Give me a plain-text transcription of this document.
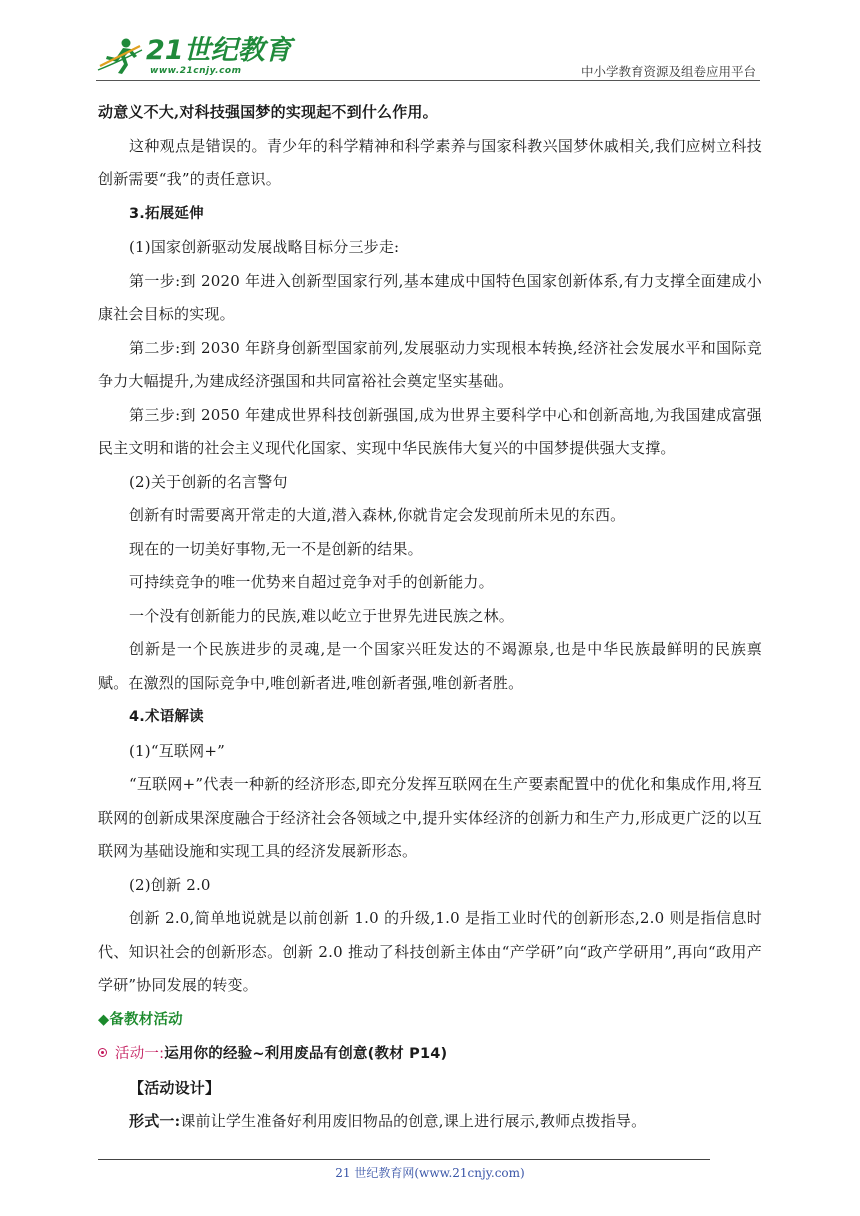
21世纪教育
www.21cnjy.com	中小学教育资源及组卷应用平台

动意义不大,对科技强国梦的实现起不到什么作用。

这种观点是错误的。青少年的科学精神和科学素养与国家科教兴国梦休戚相关,我们应树立科技创新需要“我”的责任意识。

3.拓展延伸

(1)国家创新驱动发展战略目标分三步走:

第一步:到 2020 年进入创新型国家行列,基本建成中国特色国家创新体系,有力支撑全面建成小康社会目标的实现。

第二步:到 2030 年跻身创新型国家前列,发展驱动力实现根本转换,经济社会发展水平和国际竞争力大幅提升,为建成经济强国和共同富裕社会奠定坚实基础。

第三步:到 2050 年建成世界科技创新强国,成为世界主要科学中心和创新高地,为我国建成富强民主文明和谐的社会主义现代化国家、实现中华民族伟大复兴的中国梦提供强大支撑。

(2)关于创新的名言警句

创新有时需要离开常走的大道,潜入森林,你就肯定会发现前所未见的东西。

现在的一切美好事物,无一不是创新的结果。

可持续竞争的唯一优势来自超过竞争对手的创新能力。

一个没有创新能力的民族,难以屹立于世界先进民族之林。

创新是一个民族进步的灵魂,是一个国家兴旺发达的不竭源泉,也是中华民族最鲜明的民族禀赋。在激烈的国际竞争中,唯创新者进,唯创新者强,唯创新者胜。

4.术语解读

(1)“互联网+”

“互联网+”代表一种新的经济形态,即充分发挥互联网在生产要素配置中的优化和集成作用,将互联网的创新成果深度融合于经济社会各领域之中,提升实体经济的创新力和生产力,形成更广泛的以互联网为基础设施和实现工具的经济发展新形态。

(2)创新 2.0

创新 2.0,简单地说就是以前创新 1.0 的升级,1.0 是指工业时代的创新形态,2.0 则是指信息时代、知识社会的创新形态。创新 2.0 推动了科技创新主体由“产学研”向“政产学研用”,再向“政用产学研”协同发展的转变。

◆备教材活动

活动一:运用你的经验~利用废品有创意(教材 P14)

【活动设计】

形式一:课前让学生准备好利用废旧物品的创意,课上进行展示,教师点拨指导。

21 世纪教育网(www.21cnjy.com)
